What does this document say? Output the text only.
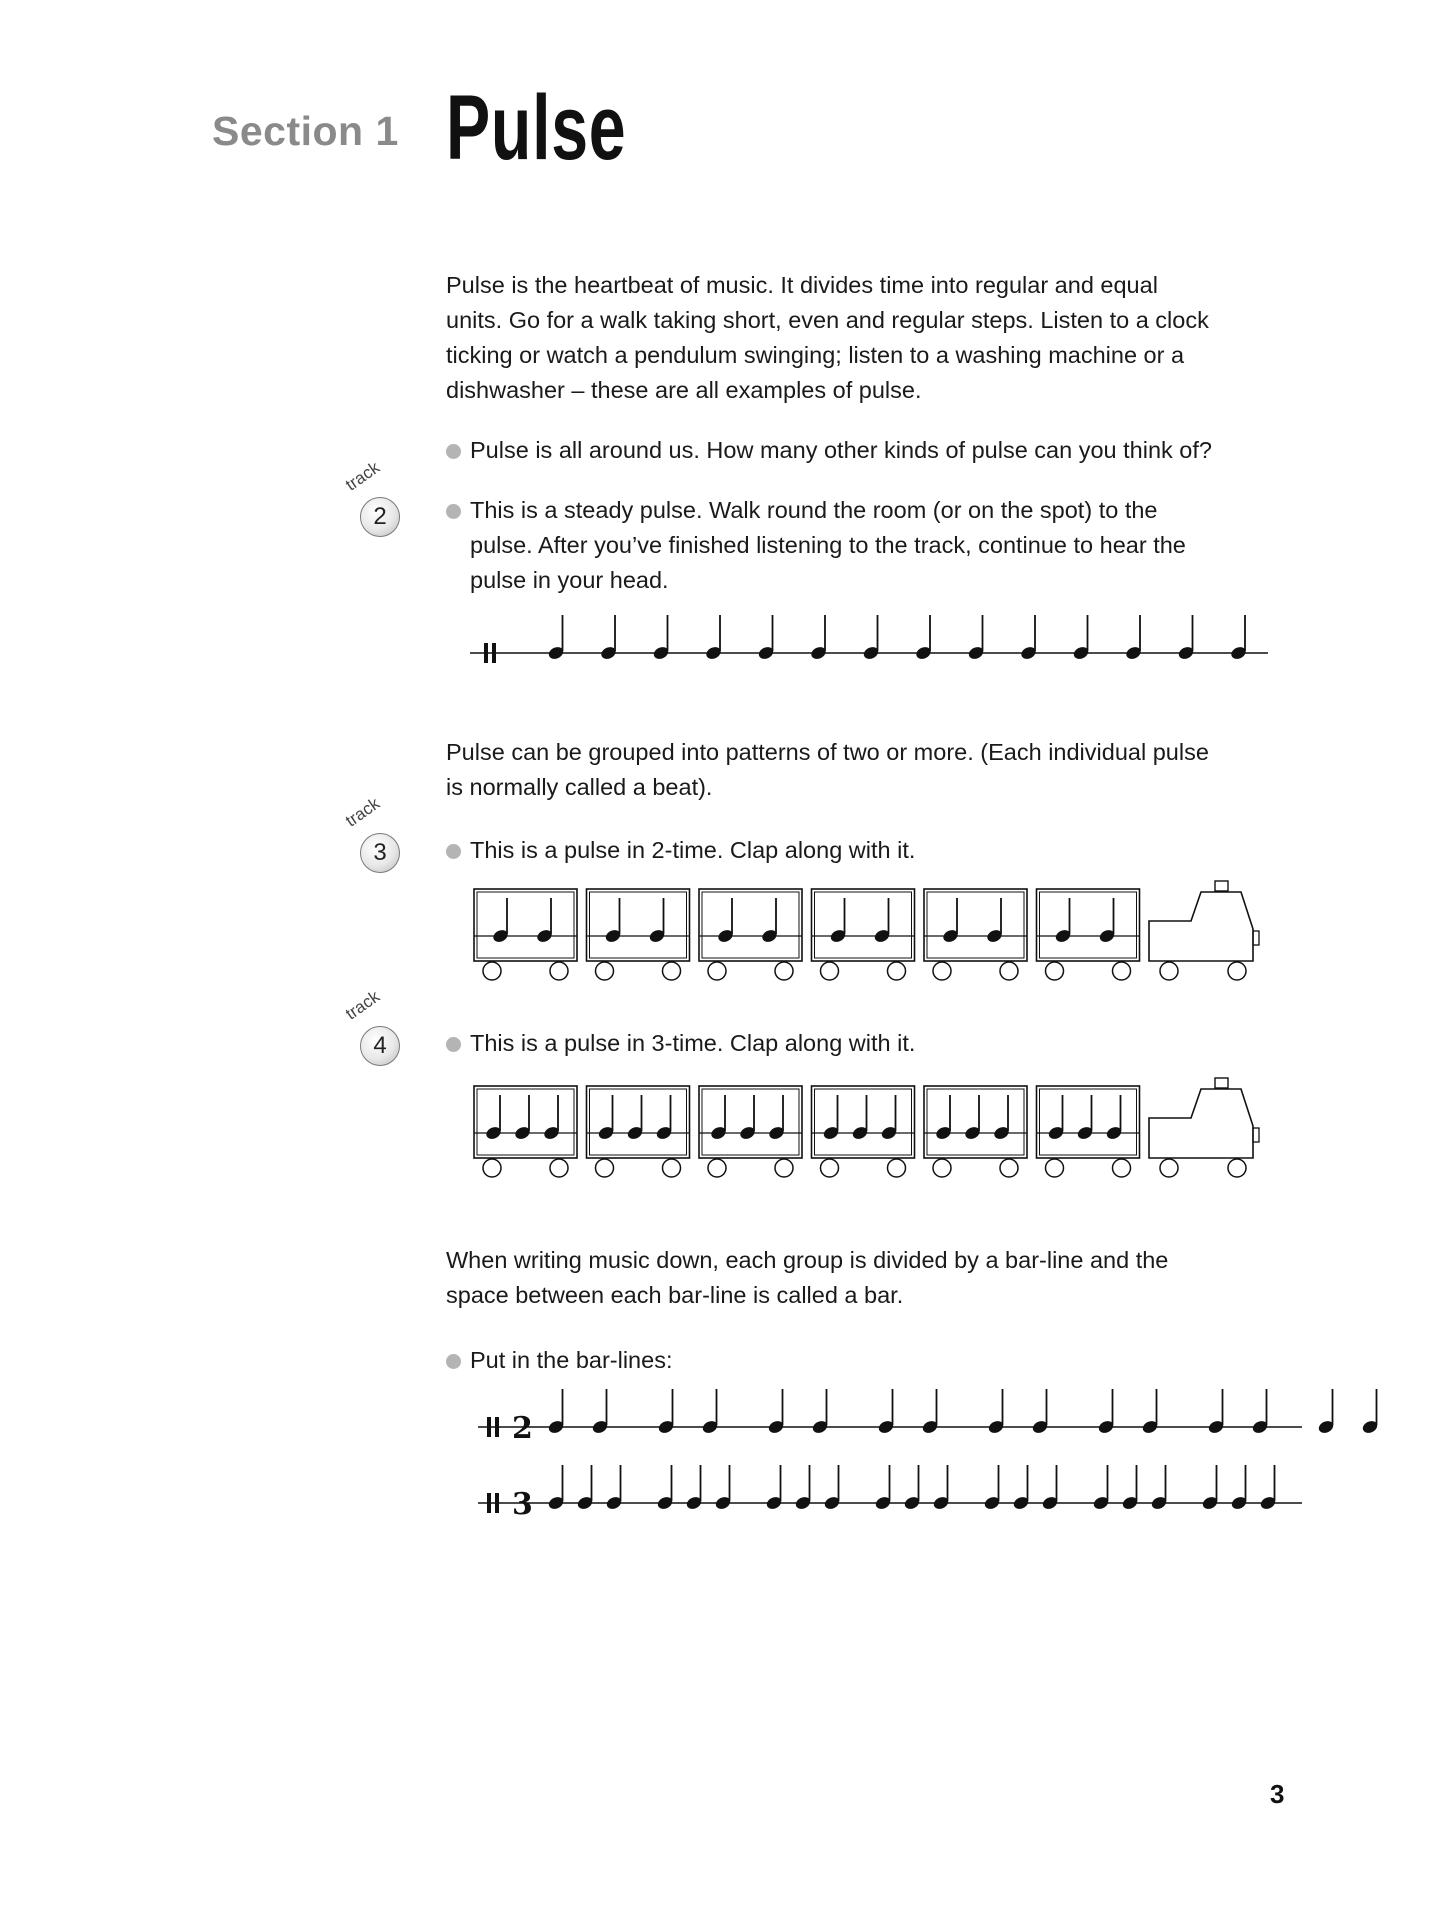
Section 1 Pulse
Pulse is the heartbeat of music. It divides time into regular and equal
units. Go for a walk taking short, even and regular steps. Listen to a clock
ticking or watch a pendulum swinging; listen to a washing machine or a
dishwasher – these are all examples of pulse.
Pulse is all around us. How many other kinds of pulse can you think of?
track
2	This is a steady pulse. Walk round the room (or on the spot) to the
pulse. After you’ve finished listening to the track, continue to hear the
pulse in your head.
2
3
Pulse can be grouped into patterns of two or more. (Each individual pulse
is normally called a beat).
track
3	This is a pulse in 2-time. Clap along with it.
track
4	This is a pulse in 3-time. Clap along with it.
When writing music down, each group is divided by a bar-line and the
space between each bar-line is called a bar.
Put in the bar-lines:
3
